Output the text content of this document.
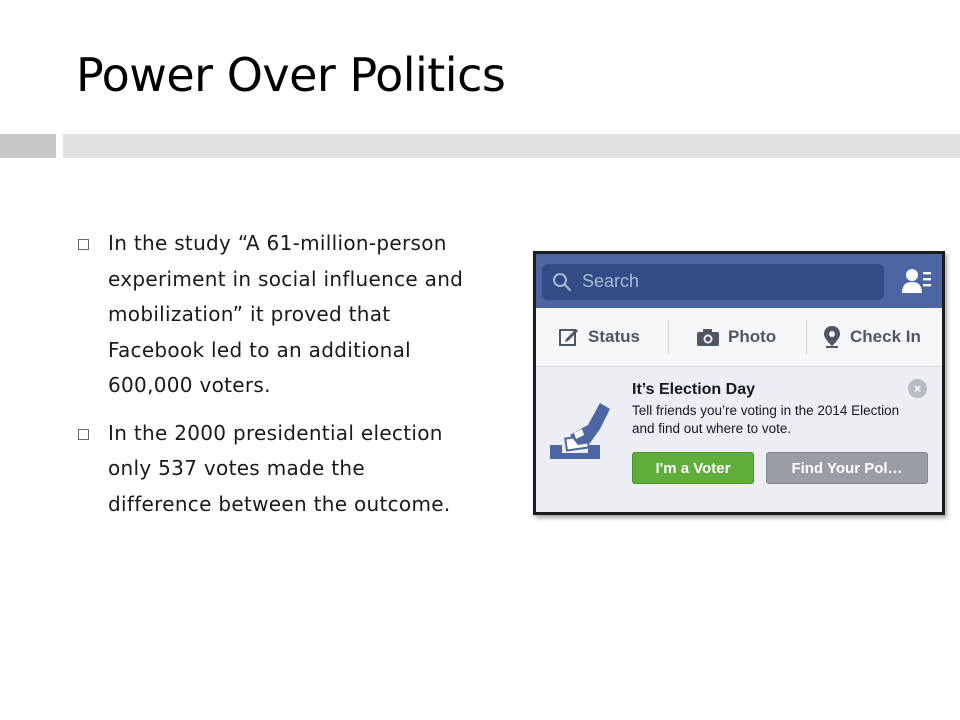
Power Over Politics
In the study “A 61-million-person experiment in social influence and mobilization” it proved that Facebook led to an additional 600,000 voters.
In the 2000 presidential election only 537 votes made the difference between the outcome.
Search
Status	Photo	Check In
It’s Election Day
Tell friends you’re voting in the 2014 Election and find out where to vote.
×
I'm a Voter	Find Your Pol…
